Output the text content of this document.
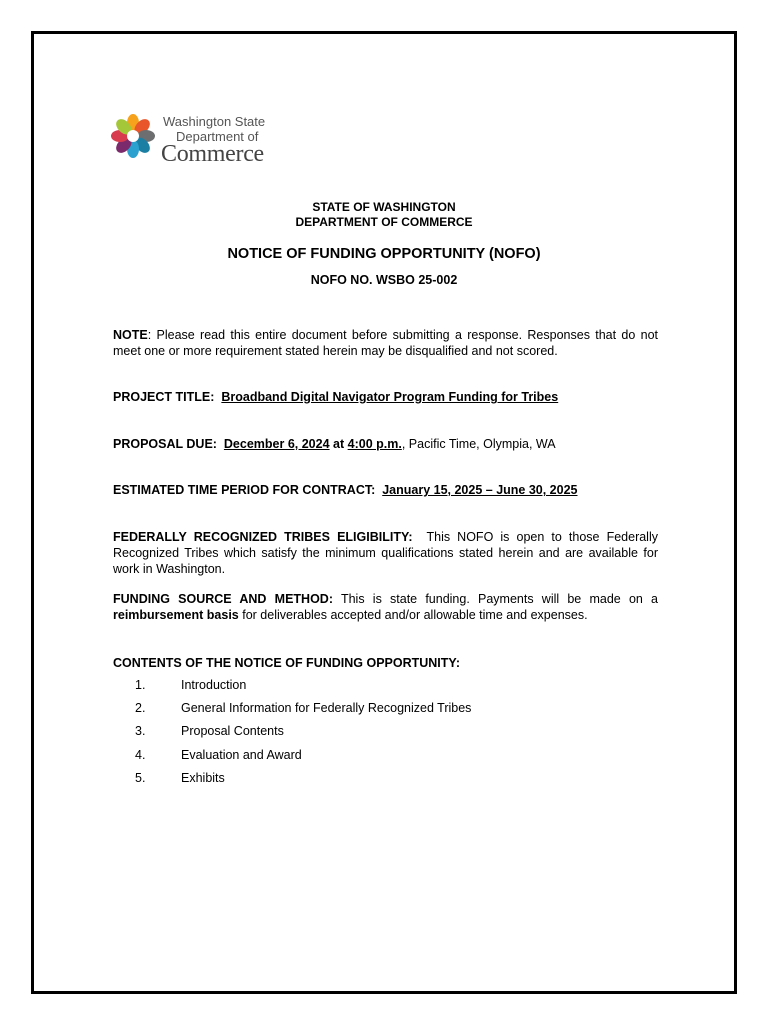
Washington State
Department of
Commerce
STATE OF WASHINGTON
DEPARTMENT OF COMMERCE
NOTICE OF FUNDING OPPORTUNITY (NOFO)
NOFO NO. WSBO 25-002
NOTE: Please read this entire document before submitting a response. Responses that do not meet one or more requirement stated herein may be disqualified and not scored.
PROJECT TITLE: Broadband Digital Navigator Program Funding for Tribes
PROPOSAL DUE: December 6, 2024 at 4:00 p.m., Pacific Time, Olympia, WA
ESTIMATED TIME PERIOD FOR CONTRACT: January 15, 2025 – June 30, 2025
FEDERALLY RECOGNIZED TRIBES ELIGIBILITY: This NOFO is open to those Federally Recognized Tribes which satisfy the minimum qualifications stated herein and are available for work in Washington.
FUNDING SOURCE AND METHOD: This is state funding. Payments will be made on a reimbursement basis for deliverables accepted and/or allowable time and expenses.
CONTENTS OF THE NOTICE OF FUNDING OPPORTUNITY:
1.	Introduction
2.	General Information for Federally Recognized Tribes
3.	Proposal Contents
4.	Evaluation and Award
5.	Exhibits
